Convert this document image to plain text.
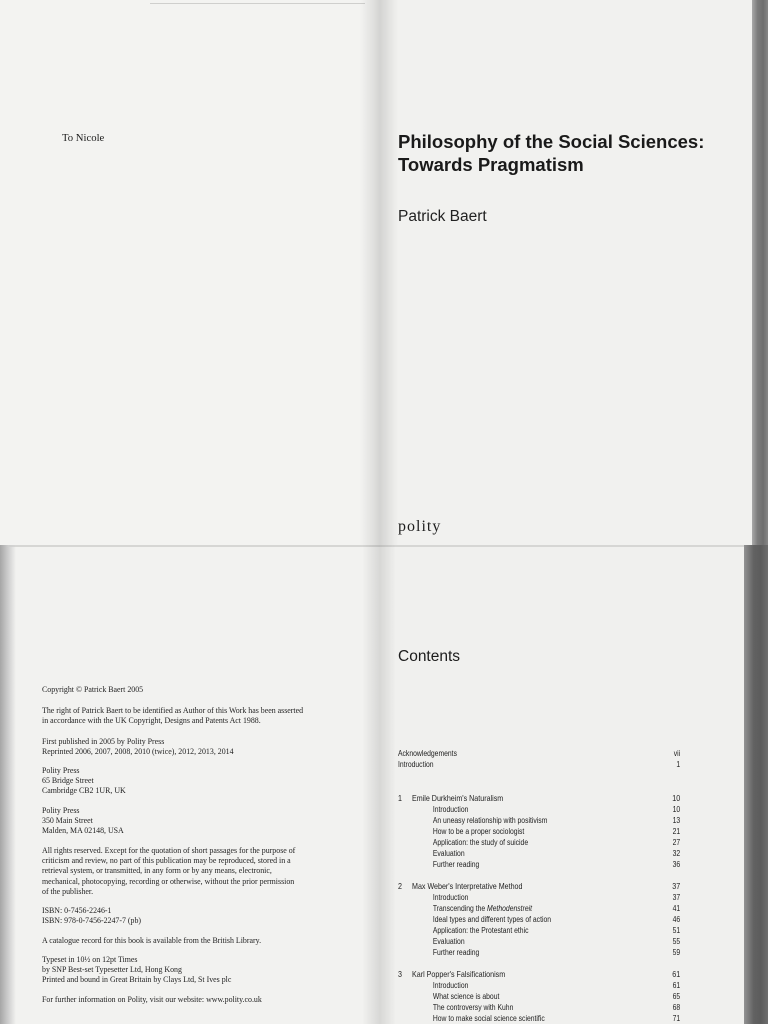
To Nicole	Philosophy of the Social Sciences:
Towards Pragmatism
Patrick Baert
polity
Copyright © Patrick Baert 2005
The right of Patrick Baert to be identified as Author of this Work has been asserted
in accordance with the UK Copyright, Designs and Patents Act 1988.
First published in 2005 by Polity Press
Reprinted 2006, 2007, 2008, 2010 (twice), 2012, 2013, 2014
Polity Press
65 Bridge Street
Cambridge CB2 1UR, UK
Polity Press
350 Main Street
Malden, MA 02148, USA
All rights reserved. Except for the quotation of short passages for the purpose of
criticism and review, no part of this publication may be reproduced, stored in a
retrieval system, or transmitted, in any form or by any means, electronic,
mechanical, photocopying, recording or otherwise, without the prior permission
of the publisher.
ISBN: 0-7456-2246-1
ISBN: 978-0-7456-2247-7 (pb)
A catalogue record for this book is available from the British Library.
Typeset in 10½ on 12pt Times
by SNP Best-set Typesetter Ltd, Hong Kong
Printed and bound in Great Britain by Clays Ltd, St Ives plc
For further information on Polity, visit our website: www.polity.co.uk
Contents
Acknowledgements	vii
Introduction	1
1 Emile Durkheim's Naturalism	10
Introduction	10
An uneasy relationship with positivism	13
How to be a proper sociologist	21
Application: the study of suicide	27
Evaluation	32
Further reading	36
2 Max Weber's Interpretative Method	37
Introduction	37
Transcending the Methodenstreit	41
Ideal types and different types of action	46
Application: the Protestant ethic	51
Evaluation	55
Further reading	59
3 Karl Popper's Falsificationism	61
Introduction	61
What science is about	65
The controversy with Kuhn	68
How to make social science scientific	71
